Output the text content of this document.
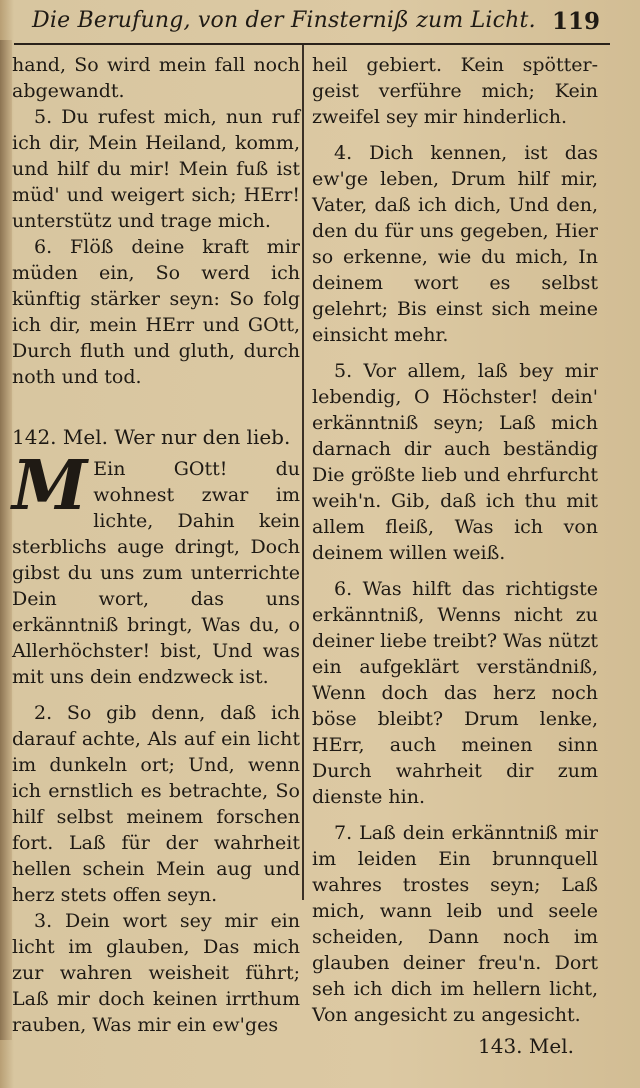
Die Berufung, von der Finsterniß zum Licht. 119

hand, So wird mein fall noch abgewandt.

5. Du rufest mich, nun ruf ich dir, Mein Heiland, komm, und hilf du mir! Mein fuß ist müd' und weigert sich; HErr! unterstütz und trage mich.

6. Flöß deine kraft mir müden ein, So werd ich künftig stärker seyn: So folg ich dir, mein HErr und GOtt, Durch fluth und gluth, durch noth und tod.

142. Mel. Wer nur den lieb.

M Ein GOtt! du wohnest zwar im lichte, Dahin kein sterblichs auge dringt, Doch gibst du uns zum unterrichte Dein wort, das uns erkänntniß bringt, Was du, o Allerhöchster! bist, Und was mit uns dein endzweck ist.

2. So gib denn, daß ich darauf achte, Als auf ein licht im dunkeln ort; Und, wenn ich ernstlich es betrachte, So hilf selbst meinem forschen fort. Laß für der wahrheit hellen schein Mein aug und herz stets offen seyn.

3. Dein wort sey mir ein licht im glauben, Das mich zur wahren weisheit führt; Laß mir doch keinen irrthum rauben, Was mir ein ew'ges

heil gebiert. Kein spötter-geist verführe mich; Kein zweifel sey mir hinderlich.

4. Dich kennen, ist das ew'ge leben, Drum hilf mir, Vater, daß ich dich, Und den, den du für uns gegeben, Hier so erkenne, wie du mich, In deinem wort es selbst gelehrt; Bis einst sich meine einsicht mehr.

5. Vor allem, laß bey mir lebendig, O Höchster! dein' erkänntniß seyn; Laß mich darnach dir auch beständig Die größte lieb und ehrfurcht weih'n. Gib, daß ich thu mit allem fleiß, Was ich von deinem willen weiß.

6. Was hilft das richtigste erkänntniß, Wenns nicht zu deiner liebe treibt? Was nützt ein aufgeklärt verständniß, Wenn doch das herz noch böse bleibt? Drum lenke, HErr, auch meinen sinn Durch wahrheit dir zum dienste hin.

7. Laß dein erkänntniß mir im leiden Ein brunnquell wahres trostes seyn; Laß mich, wann leib und seele scheiden, Dann noch im glauben deiner freu'n. Dort seh ich dich im hellern licht, Von angesicht zu angesicht.

143. Mel.
